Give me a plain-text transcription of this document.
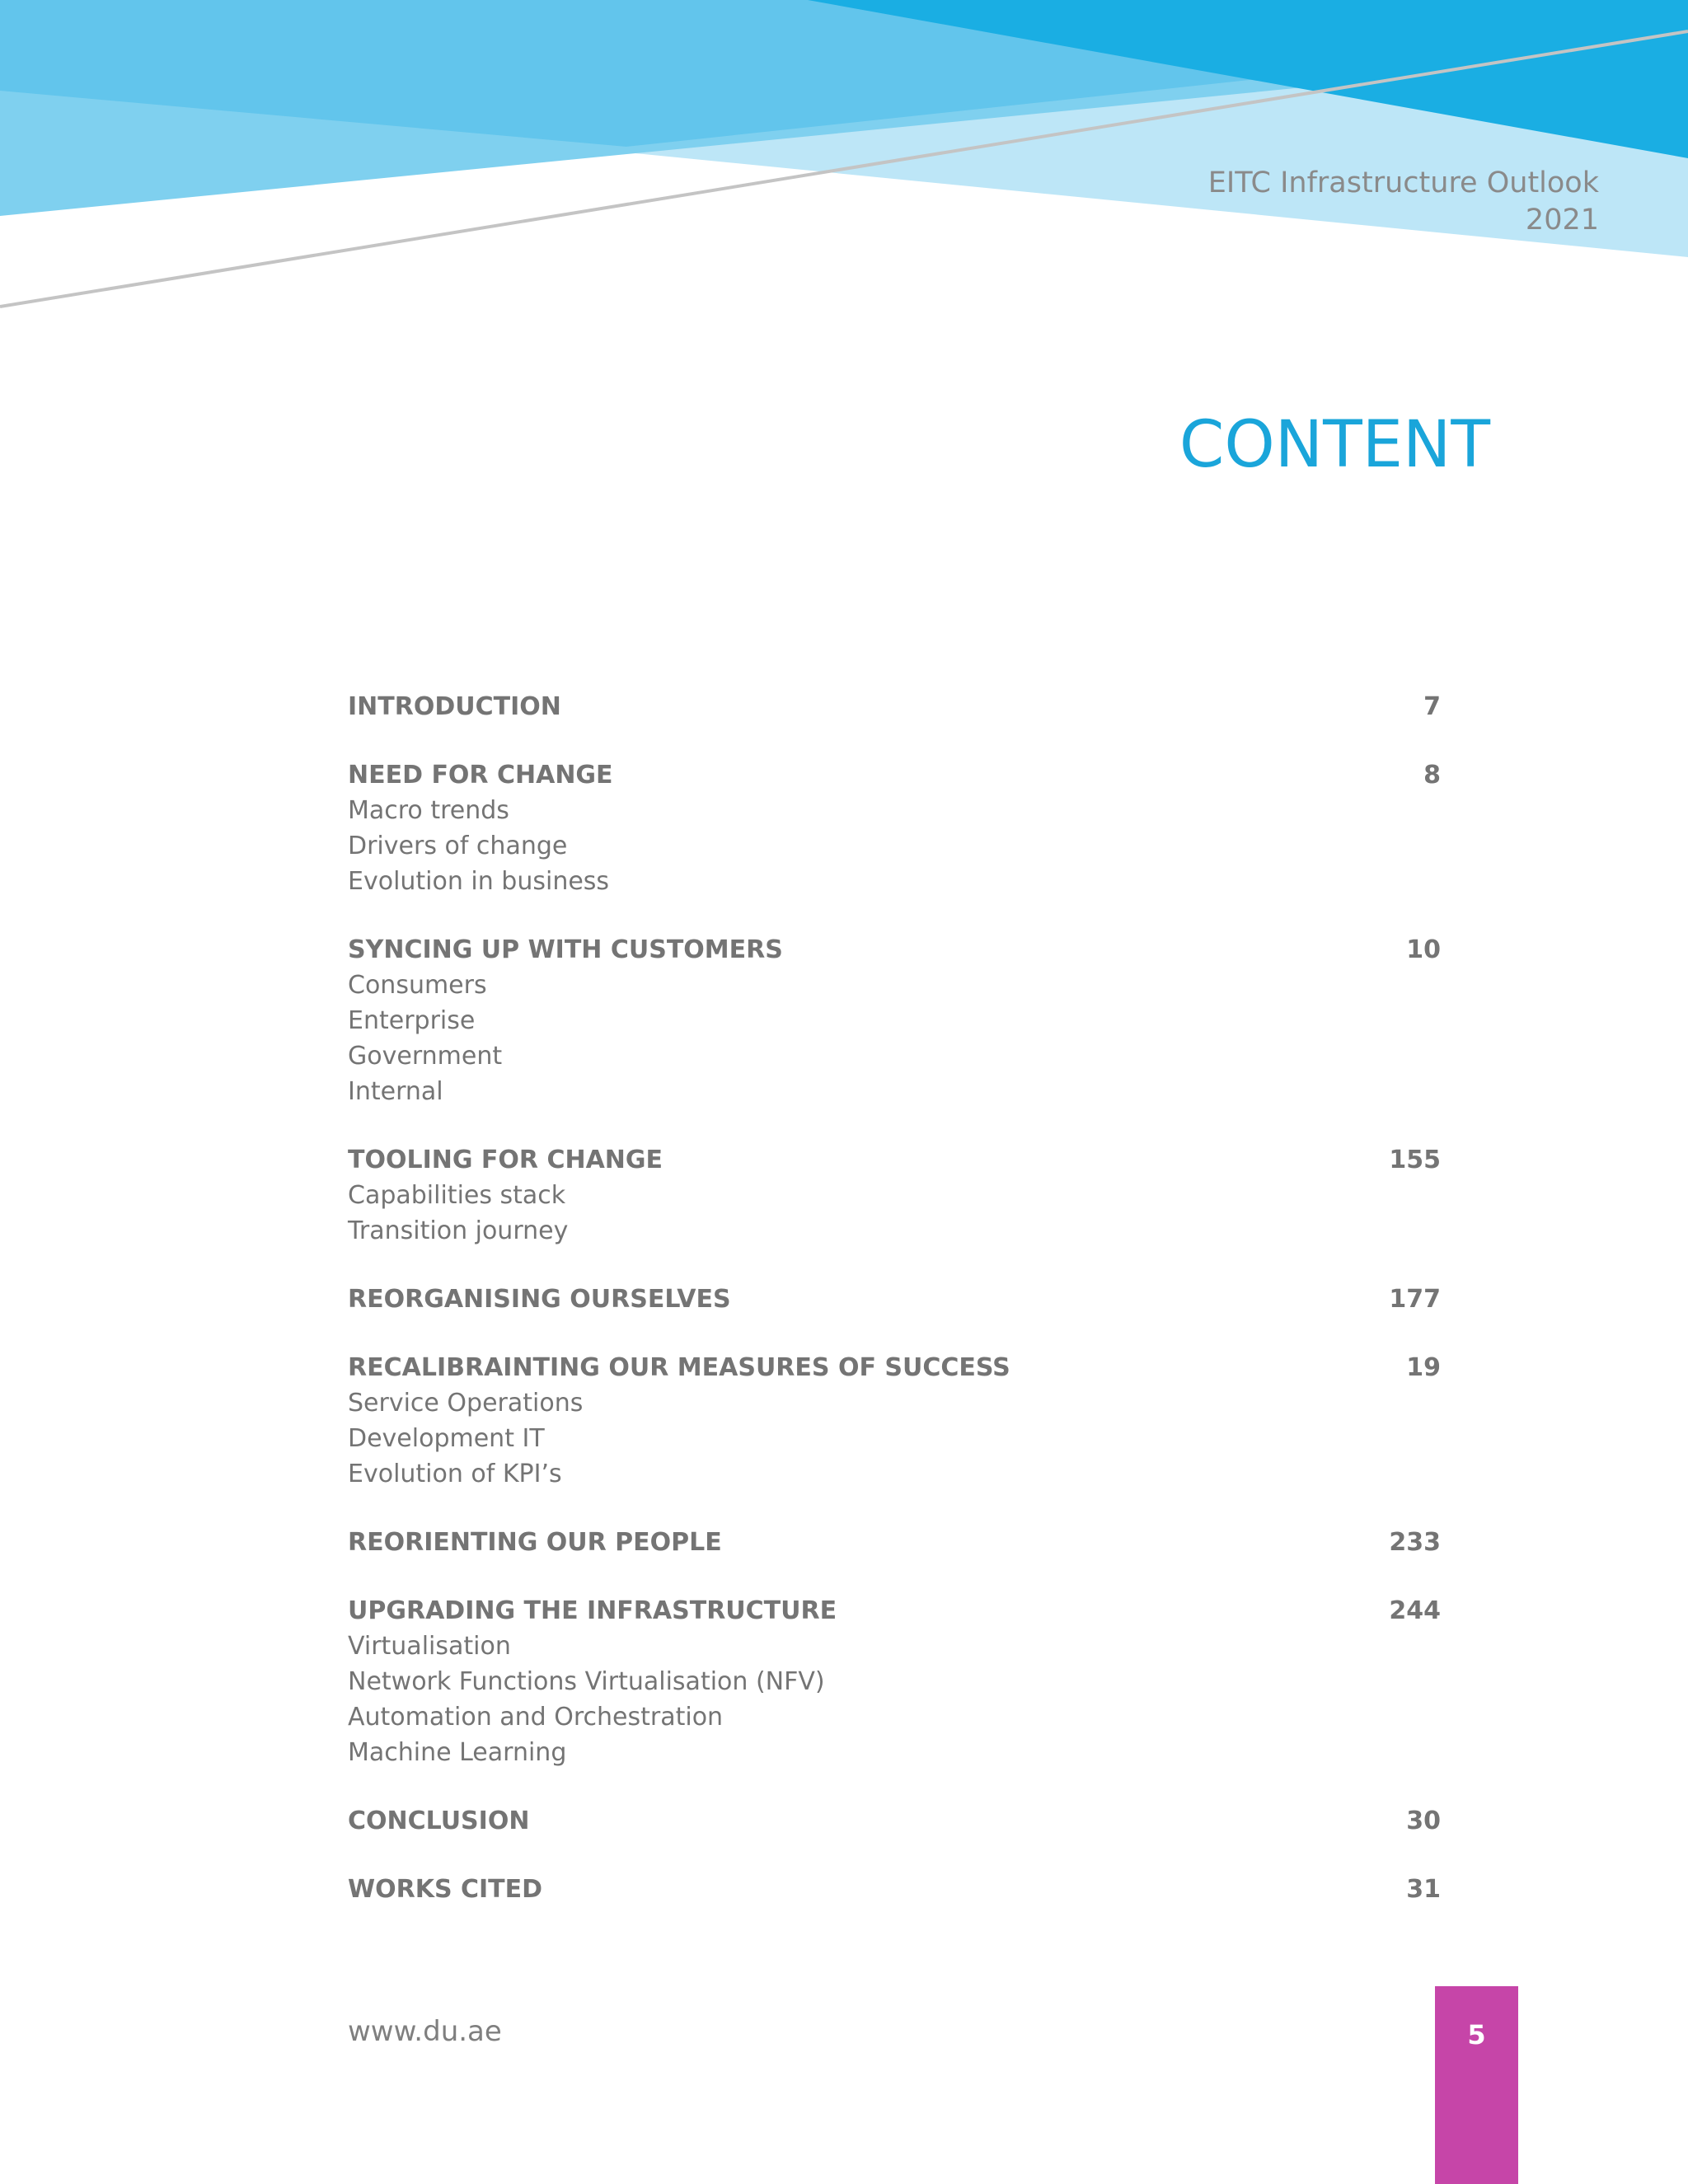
EITC Infrastructure Outlook
2021
CONTENT
INTRODUCTION	7
NEED FOR CHANGE	8
Macro trends
Drivers of change
Evolution in business
SYNCING UP WITH CUSTOMERS	10
Consumers
Enterprise
Government
Internal
TOOLING FOR CHANGE	155
Capabilities stack
Transition journey
REORGANISING OURSELVES	177
RECALIBRAINTING OUR MEASURES OF SUCCESS	19
Service Operations
Development IT
Evolution of KPI’s
REORIENTING OUR PEOPLE	233
UPGRADING THE INFRASTRUCTURE	244
Virtualisation
Network Functions Virtualisation (NFV)
Automation and Orchestration
Machine Learning
CONCLUSION	30
WORKS CITED	31
www.du.ae	5
